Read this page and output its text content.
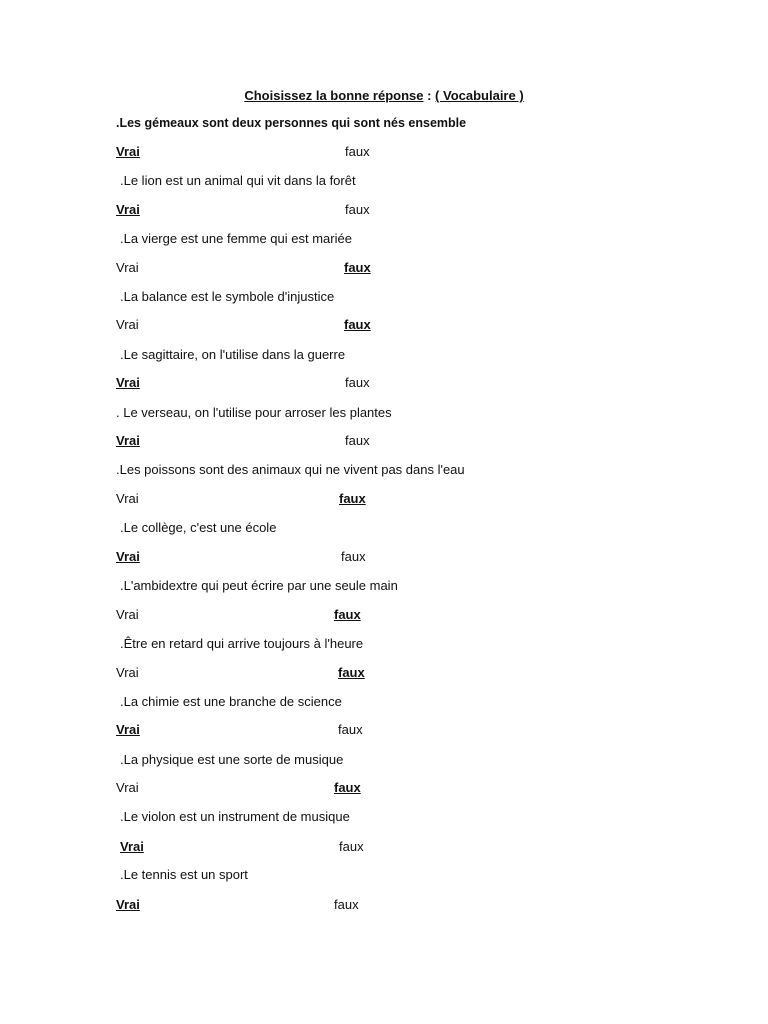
Choisissez la bonne réponse : ( Vocabulaire )
.Les gémeaux sont deux personnes qui sont nés ensemble
Vrai	faux
.Le lion est un animal qui vit dans la forêt
Vrai	faux
.La vierge est une femme qui est mariée
Vrai	faux
.La balance est le symbole d'injustice
Vrai	faux
.Le sagittaire, on l'utilise dans la guerre
Vrai	faux
. Le verseau, on l'utilise pour arroser les plantes
Vrai	faux
.Les poissons sont des animaux qui ne vivent pas dans l'eau
Vrai	faux
.Le collège, c'est une école
Vrai	faux
.L'ambidextre qui peut écrire par une seule main
Vrai	faux
.Être en retard qui arrive toujours à l'heure
Vrai	faux
.La chimie est une branche de science
Vrai	faux
.La physique est une sorte de musique
Vrai	faux
.Le violon est un instrument de musique
Vrai	faux
.Le tennis est un sport
Vrai	faux
